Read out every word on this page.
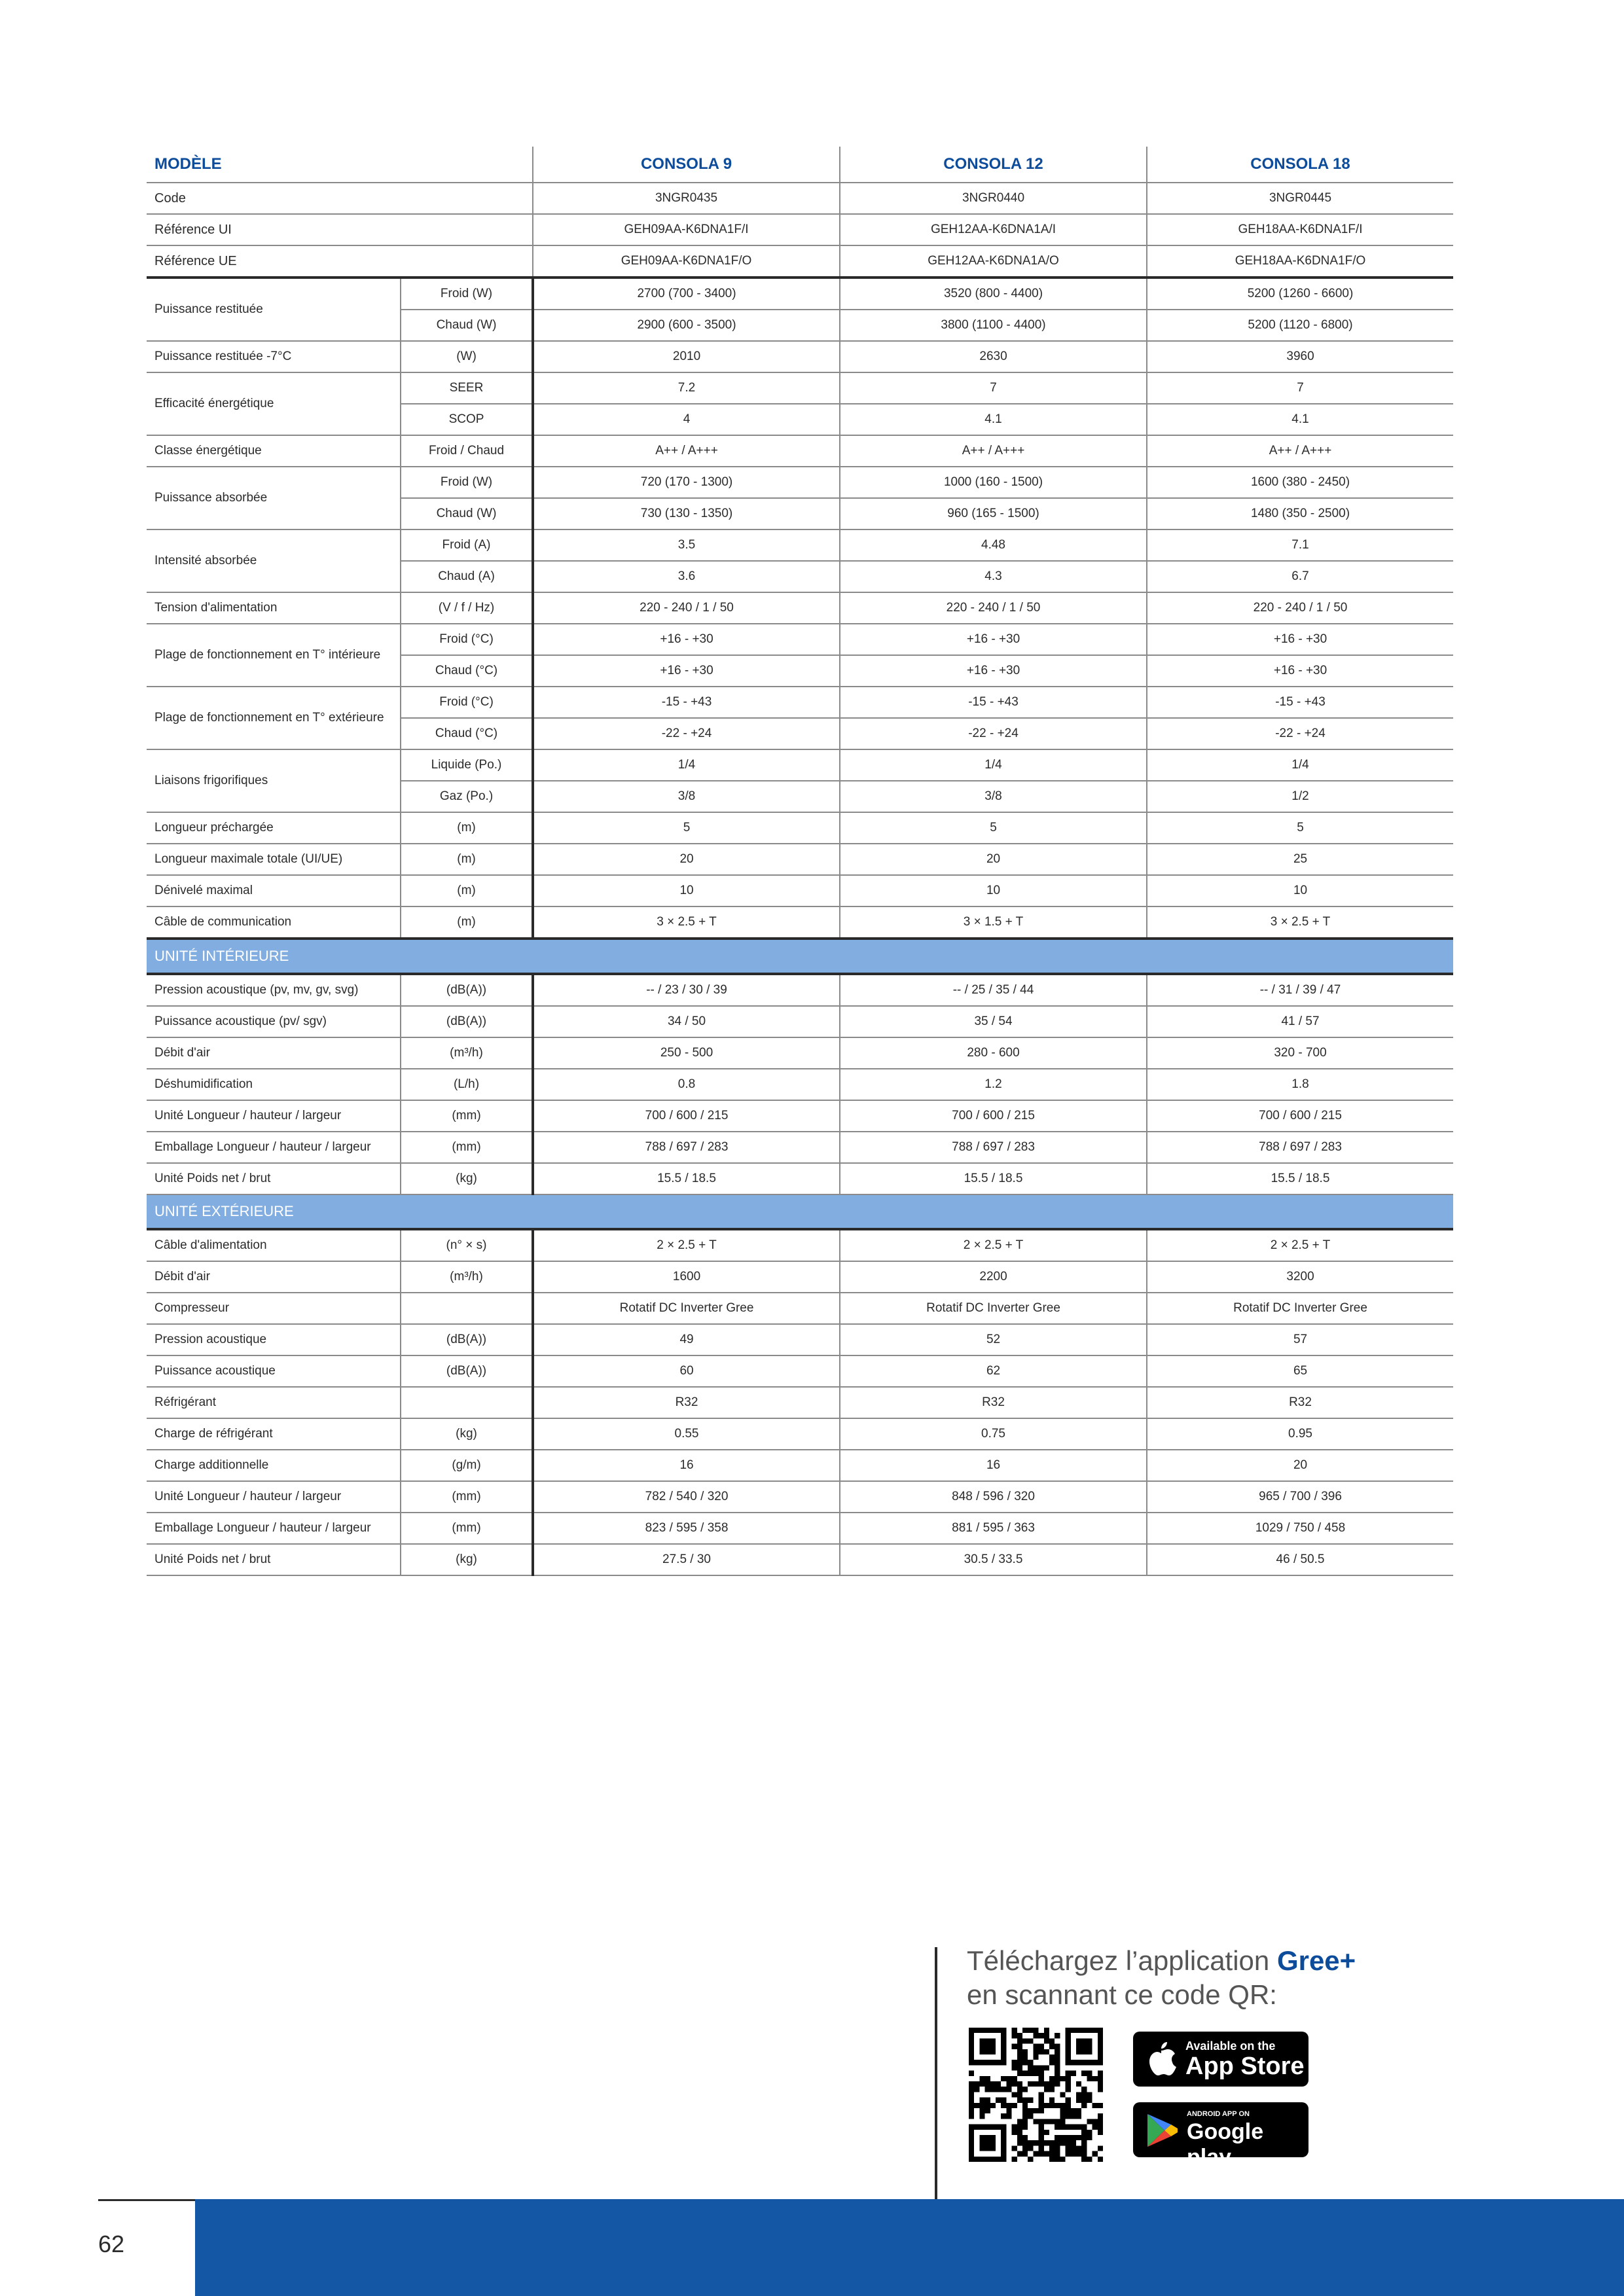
MODÈLE		CONSOLA 9	CONSOLA 12	CONSOLA 18
Code		3NGR0435	3NGR0440	3NGR0445
Référence UI		GEH09AA-K6DNA1F/I	GEH12AA-K6DNA1A/I	GEH18AA-K6DNA1F/I
Référence UE		GEH09AA-K6DNA1F/O	GEH12AA-K6DNA1A/O	GEH18AA-K6DNA1F/O
Puissance restituée	Froid (W)	2700 (700 - 3400)	3520 (800 - 4400)	5200 (1260 - 6600)
	Chaud (W)	2900 (600 - 3500)	3800 (1100 - 4400)	5200 (1120 - 6800)
Puissance restituée -7°C	(W)	2010	2630	3960
Efficacité énergétique	SEER	7.2	7	7
	SCOP	4	4.1	4.1
Classe énergétique	Froid / Chaud	A++ / A+++	A++ / A+++	A++ / A+++
Puissance absorbée	Froid (W)	720 (170 - 1300)	1000 (160 - 1500)	1600 (380 - 2450)
	Chaud (W)	730 (130 - 1350)	960 (165 - 1500)	1480 (350 - 2500)
Intensité absorbée	Froid (A)	3.5	4.48	7.1
	Chaud (A)	3.6	4.3	6.7
Tension d'alimentation	(V / f / Hz)	220 - 240 / 1 / 50	220 - 240 / 1 / 50	220 - 240 / 1 / 50
Plage de fonctionnement en T° intérieure	Froid (°C)	+16 - +30	+16 - +30	+16 - +30
	Chaud (°C)	+16 - +30	+16 - +30	+16 - +30
Plage de fonctionnement en T° extérieure	Froid (°C)	-15 - +43	-15 - +43	-15 - +43
	Chaud (°C)	-22 - +24	-22 - +24	-22 - +24
Liaisons frigorifiques	Liquide (Po.)	1/4	1/4	1/4
	Gaz (Po.)	3/8	3/8	1/2
Longueur préchargée	(m)	5	5	5
Longueur maximale totale (UI/UE)	(m)	20	20	25
Dénivelé maximal	(m)	10	10	10
Câble de communication	(m)	3 × 2.5 + T	3 × 1.5 + T	3 × 2.5 + T
UNITÉ INTÉRIEURE				
Pression acoustique (pv, mv, gv, svg)	(dB(A))	-- / 23 / 30 / 39	-- / 25 / 35 / 44	-- / 31 / 39 / 47
Puissance acoustique (pv/ sgv)	(dB(A))	34 / 50	35 / 54	41 / 57
Débit d'air	(m³/h)	250 - 500	280 - 600	320 - 700
Déshumidification	(L/h)	0.8	1.2	1.8
Unité Longueur / hauteur / largeur	(mm)	700 / 600 / 215	700 / 600 / 215	700 / 600 / 215
Emballage Longueur / hauteur / largeur	(mm)	788 / 697 / 283	788 / 697 / 283	788 / 697 / 283
Unité Poids net / brut	(kg)	15.5 / 18.5	15.5 / 18.5	15.5 / 18.5
UNITÉ EXTÉRIEURE				
Câble d'alimentation	(n° × s)	2 × 2.5 + T	2 × 2.5 + T	2 × 2.5 + T
Débit d'air	(m³/h)	1600	2200	3200
Compresseur		Rotatif DC Inverter Gree	Rotatif DC Inverter Gree	Rotatif DC Inverter Gree
Pression acoustique	(dB(A))	49	52	57
Puissance acoustique	(dB(A))	60	62	65
Réfrigérant		R32	R32	R32
Charge de réfrigérant	(kg)	0.55	0.75	0.95
Charge additionnelle	(g/m)	16	16	20
Unité Longueur / hauteur / largeur	(mm)	782 / 540 / 320	848 / 596 / 320	965 / 700 / 396
Emballage Longueur / hauteur / largeur	(mm)	823 / 595 / 358	881 / 595 / 363	1029 / 750 / 458
Unité Poids net / brut	(kg)	27.5 / 30	30.5 / 33.5	46 / 50.5
Téléchargez l’application Gree+
en scannant ce code QR:
Available on the
App Store
ANDROID APP ON
Google play
62
